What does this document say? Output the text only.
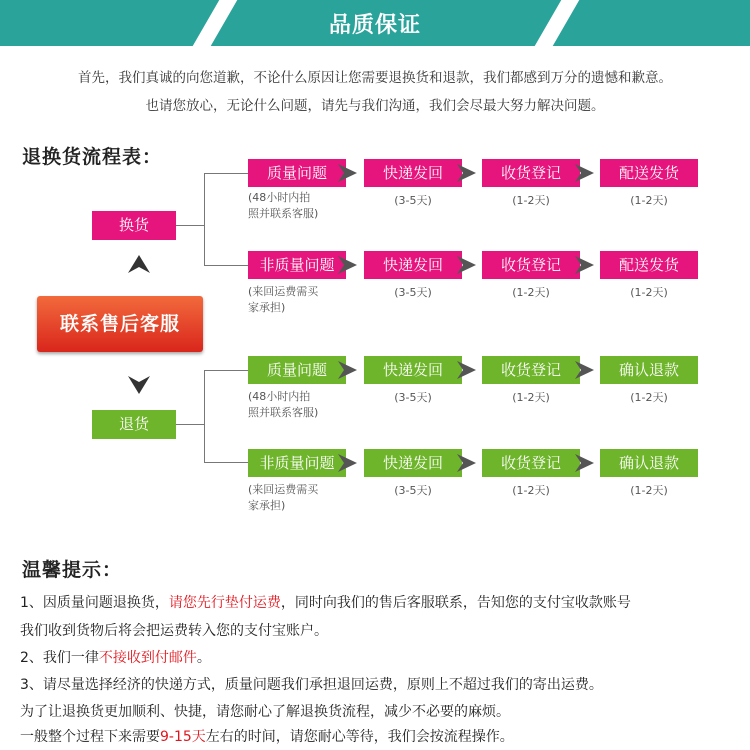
品质保证
首先，我们真诚的向您道歉，不论什么原因让您需要退换货和退款，我们都感到万分的遗憾和歉意。
也请您放心，无论什么问题，请先与我们沟通，我们会尽最大努力解决问题。
退换货流程表：
换货
退货
联系售后客服
质量问题	快递发回	收货登记	配送发货
(48小时内拍
照并联系客服)
(3-5天)	(1-2天)	(1-2天)
非质量问题	快递发回	收货登记	配送发货
(来回运费需买
家承担)
(3-5天)	(1-2天)	(1-2天)
质量问题	快递发回	收货登记	确认退款
(48小时内拍
照并联系客服)
(3-5天)	(1-2天)	(1-2天)
非质量问题	快递发回	收货登记	确认退款
(来回运费需买
家承担)
(3-5天)	(1-2天)	(1-2天)
温馨提示：
1、因质量问题退换货，请您先行垫付运费，同时向我们的售后客服联系，告知您的支付宝收款账号
我们收到货物后将会把运费转入您的支付宝账户。
2、我们一律不接收到付邮件。
3、请尽量选择经济的快递方式，质量问题我们承担退回运费，原则上不超过我们的寄出运费。
为了让退换货更加顺利、快捷，请您耐心了解退换货流程，减少不必要的麻烦。
一般整个过程下来需要9-15天左右的时间，请您耐心等待，我们会按流程操作。
